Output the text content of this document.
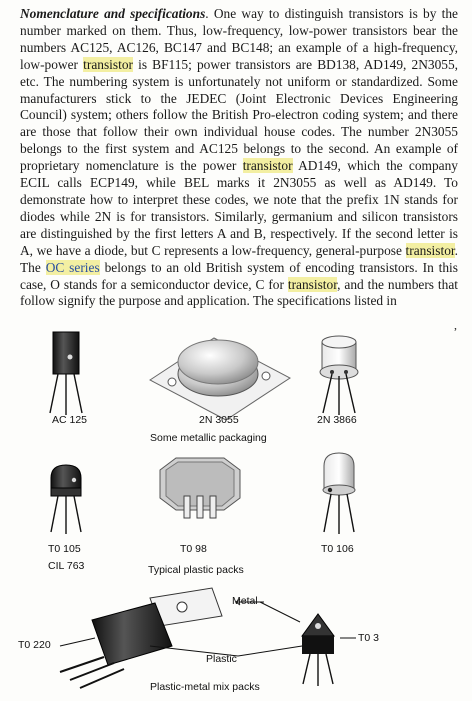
Nomenclature and specifications. One way to distinguish transistors is by the number marked on them. Thus, low-frequency, low-power transistors bear the numbers AC125, AC126, BC147 and BC148; an example of a high-frequency, low-power transistor is BF115; power transistors are BD138, AD149, 2N3055, etc. The numbering system is unfortunately not uniform or standardized. Some manufacturers stick to the JEDEC (Joint Electronic Devices Engineering Council) system; others follow the British Pro-electron coding system; and there are those that follow their own individual house codes. The number 2N3055 belongs to the first system and AC125 belongs to the second. An example of proprietary nomenclature is the power transistor AD149, which the company ECIL calls ECP149, while BEL marks it 2N3055 as well as AD149. To demonstrate how to interpret these codes, we note that the prefix 1N stands for diodes while 2N is for transistors. Similarly, germanium and silicon transistors are distinguished by the first letters A and B, respectively. If the second letter is A, we have a diode, but C represents a low-frequency, general-purpose transistor. The OC series belongs to an old British system of encoding transistors. In this case, O stands for a semiconductor device, C for transistor, and the numbers that follow signify the purpose and application. The specifications listed in
,
AC 125	2N 3055	2N 3866
Some metallic packaging
T0 105	T0 98	T0 106
CIL 763	Typical plastic packs
T0 220
T0 3
Metal
Plastic
Plastic-metal mix packs
